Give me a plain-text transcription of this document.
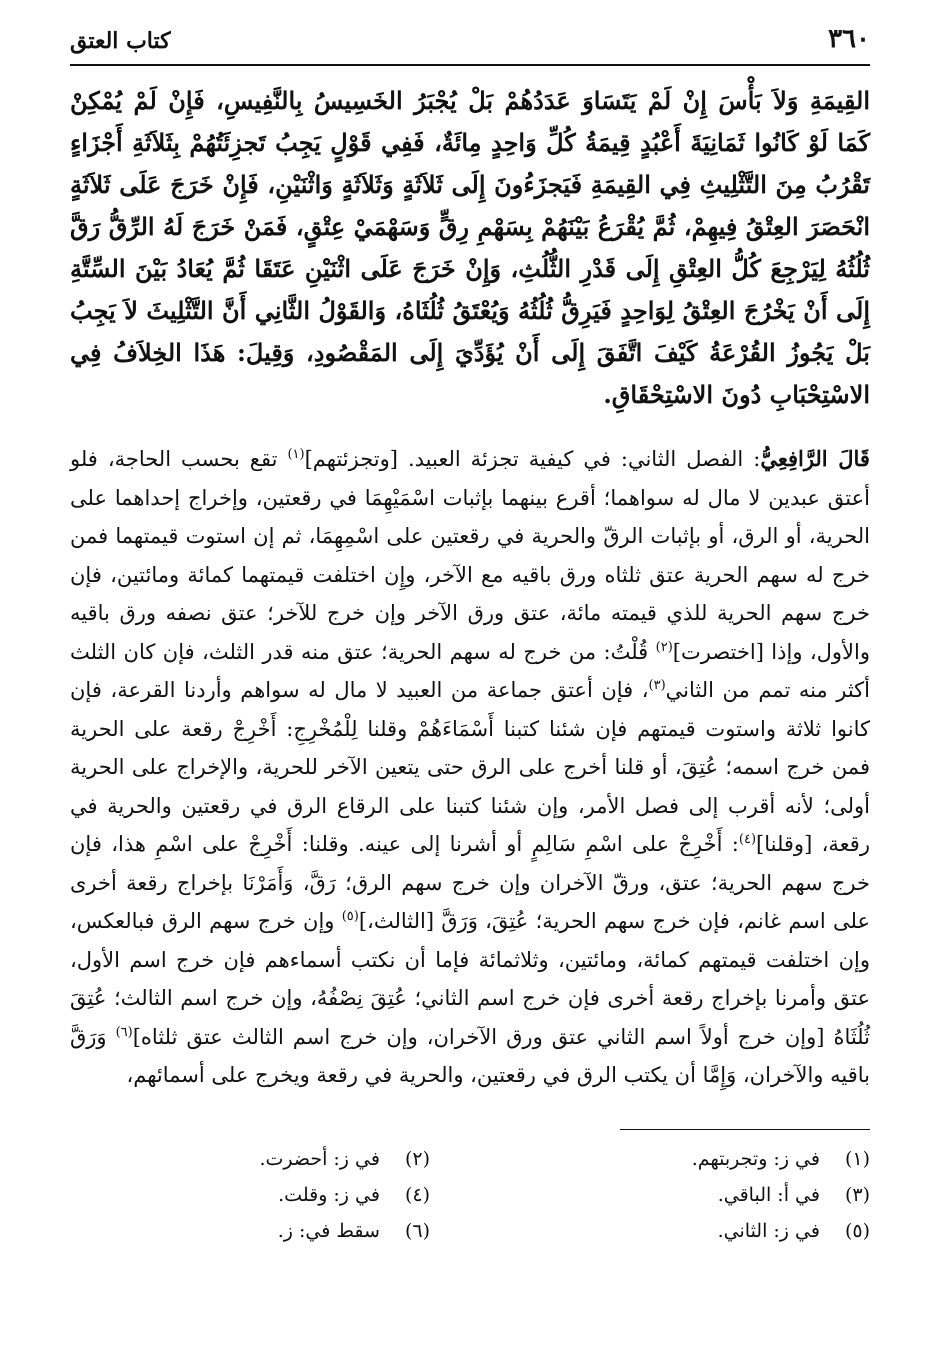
٣٦٠
كتاب العتق

القِيمَةِ وَلاَ بَأْسَ إِنْ لَمْ يَتَسَاوَ عَدَدُهُمْ بَلْ يُجْبَرُ الخَسِيسُ بِالنَّفِيسِ، فَإِنْ لَمْ يُمْكِنْ كَمَا لَوْ كَانُوا ثَمَانِيَةَ أَعْبُدٍ قِيمَةُ كُلِّ وَاحِدٍ مِائَةٌ، فَفِي قَوْلٍ يَجِبُ تَجزِئَتُهُمْ بِثَلاَثَةِ أَجْزَاءٍ تَقْرُبُ مِنَ التَّثْلِيثِ فِي القِيمَةِ فَيَجزَءُونَ إِلَى ثَلاَثَةٍ وَثَلاَثَةٍ وَاثْنَيْنِ، فَإِنْ خَرَجَ عَلَى ثَلاَثَةٍ انْحَصَرَ العِتْقُ فِيهِمْ، ثُمَّ يُقْرَعُ بَيْنَهُمْ بِسَهْمِ رِقٍّ وَسَهْمَيْ عِتْقٍ، فَمَنْ خَرَجَ لَهُ الرِّقُّ رَقَّ ثُلُثُهُ لِيَرْجِعَ كُلُّ العِتْقِ إِلَى قَدْرِ الثُّلُثِ، وَإِنْ خَرَجَ عَلَى اثْنَيْنِ عَتَقَا ثُمَّ يُعَادُ بَيْنَ السِّتَّةِ إِلَى أَنْ يَخْرُجَ العِتْقُ لِوَاحِدٍ فَيَرِقُّ ثُلُثُهُ وَيُعْتَقُ ثُلُثَاهُ، وَالقَوْلُ الثَّانِي أَنَّ التَّثْلِيثَ لاَ يَجِبُ بَلْ يَجُوزُ القُرْعَةُ كَيْفَ اتَّفَقَ إِلَى أَنْ يُؤَدِّيَ إِلَى المَقْصُودِ، وَقِيلَ: هَذَا الخِلاَفُ فِي الاسْتِحْبَابِ دُونَ الاسْتِحْقَاقِ.

قَالَ الرَّافِعِيُّ: الفصل الثاني: في كيفية تجزئة العبيد. [وتجزئتهم]$^{(١)}$ تقع بحسب الحاجة، فلو أعتق عبدين لا مال له سواهما؛ أقرع بينهما بإثبات اسْمَيْهِمَا في رقعتين، وإخراج إحداهما على الحرية، أو الرق، أو بإثبات الرقّ والحرية في رقعتين على اسْمِهِمَا، ثم إن استوت قيمتهما فمن خرج له سهم الحرية عتق ثلثاه ورق باقيه مع الآخر، وإِن اختلفت قيمتهما كمائة ومائتين، فإن خرج سهم الحرية للذي قيمته مائة، عتق ورق الآخر وإن خرج للآخر؛ عتق نصفه ورق باقيه والأول، وإذا [اختصرت]$^{(٢)}$ قُلْتُ: من خرج له سهم الحرية؛ عتق منه قدر الثلث، فإن كان الثلث أكثر منه تمم من الثاني$^{(٣)}$، فإن أعتق جماعة من العبيد لا مال له سواهم وأردنا القرعة، فإن كانوا ثلاثة واستوت قيمتهم فإن شئنا كتبنا أَسْمَاءَهُمْ وقلنا لِلْمُخْرِجِ: أَخْرِجْ رقعة على الحرية فمن خرج اسمه؛ عُتِقَ، أو قلنا أخرج على الرق حتى يتعين الآخر للحرية، والإخراج على الحرية أولى؛ لأنه أقرب إلى فصل الأمر، وإن شئنا كتبنا على الرقاع الرق في رقعتين والحرية في رقعة، [وقلنا]$^{(٤)}$: أَخْرِجْ على اسْمِ سَالِمٍ أو أشرنا إلى عينه. وقلنا: أَخْرِجْ على اسْمِ هذا، فإن خرج سهم الحرية؛ عتق، ورقّ الآخران وإن خرج سهم الرق؛ رَقَّ، وَأَمَرْنَا بإخراج رقعة أخرى على اسم غانم، فإن خرج سهم الحرية؛ عُتِقَ، وَرَقَّ [الثالث،]$^{(٥)}$ وإن خرج سهم الرق فبالعكس، وإن اختلفت قيمتهم كمائة، ومائتين، وثلاثمائة فإما أن نكتب أسماءهم فإن خرج اسم الأول، عتق وأمرنا بإخراج رقعة أخرى فإن خرج اسم الثاني؛ عُتِقَ نِصْفُهُ، وإن خرج اسم الثالث؛ عُتِقَ ثُلُثَاهُ [وإن خرج أولاً اسم الثاني عتق ورق الآخران، وإن خرج اسم الثالث عتق ثلثاه]$^{(٦)}$ وَرَقَّ باقيه والآخران، وَإِمَّا أن يكتب الرق في رقعتين، والحرية في رقعة ويخرج على أسمائهم،

(١) في ز: وتجربتهم.
(٢) في ز: أحضرت.
(٣) في أ: الباقي.
(٤) في ز: وقلت.
(٥) في ز: الثاني.
(٦) سقط في: ز.
